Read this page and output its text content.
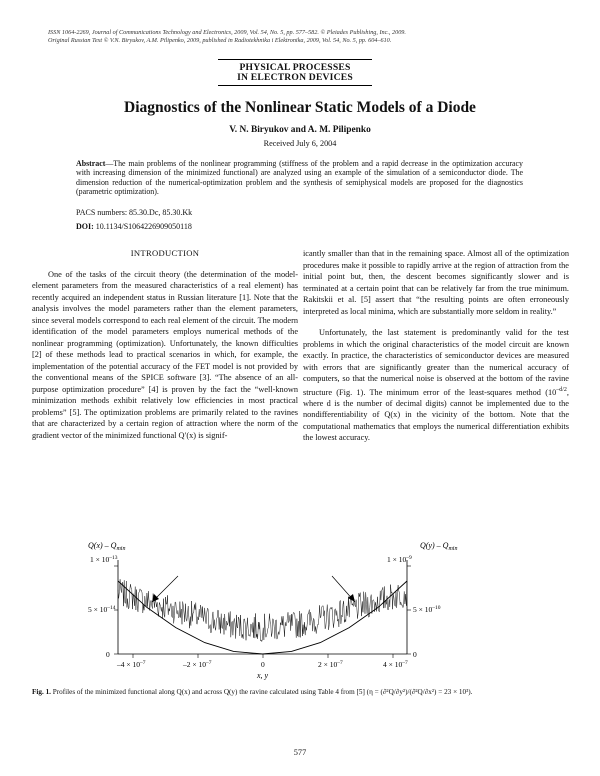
ISSN 1064-2269, Journal of Communications Technology and Electronics, 2009, Vol. 54, No. 5, pp. 577–582. © Pleiades Publishing, Inc., 2009.
Original Russian Text © V.N. Biryukov, A.M. Pilipenko, 2009, published in Radiotekhnika i Elektronika, 2009, Vol. 54, No. 5, pp. 604–610.
PHYSICAL PROCESSES
IN ELECTRON DEVICES
Diagnostics of the Nonlinear Static Models of a Diode
V. N. Biryukov and A. M. Pilipenko
Received July 6, 2004
Abstract—The main problems of the nonlinear programming (stiffness of the problem and a rapid decrease in the optimization accuracy with increasing dimension of the minimized functional) are analyzed using an example of the simulation of a semiconductor diode. The dimension reduction of the numerical-optimization problem and the synthesis of semiphysical models are proposed for the diagnostics (parametric optimization).
PACS numbers: 85.30.Dc, 85.30.Kk
DOI: 10.1134/S1064226909050118
INTRODUCTION

One of the tasks of the circuit theory (the determination of the model-element parameters from the measured characteristics of a real element) has recently acquired an independent status in Russian literature [1]. Note that the analysis involves the model parameters rather than the element parameters, since several models correspond to each real element of the circuit. The modern identification of the model parameters employs numerical methods of the nonlinear programming (optimization). Unfortunately, the known difficulties [2] of these methods lead to practical scenarios in which, for example, the implementation of the potential accuracy of the FET model is not provided by the conventional means of the SPICE software [3]. “The absence of an all-purpose optimization procedure” [4] is proven by the fact the “well-known minimization methods exhibit relatively low efficiencies in most practical problems” [5]. The optimization problems are primarily related to the ravines that are characterized by a certain region of attraction where the norm of the gradient vector of the minimized functional Q′(x) is signif-

icantly smaller than that in the remaining space. Almost all of the optimization procedures make it possible to rapidly arrive at the region of attraction from the initial point but, then, the descent becomes significantly slower and is terminated at a certain point that can be relatively far from the true minimum. Rakitskii et al. [5] assert that “the resulting points are often erroneously interpreted as local minima, which are substantially more seldom in reality.”

Unfortunately, the last statement is predominantly valid for the test problems in which the original characteristics of the model circuit are known exactly. In practice, the characteristics of semiconductor devices are measured with errors that are significantly greater than the numerical accuracy of computers, so that the numerical noise is observed at the bottom of the ravine structure (Fig. 1). The minimum error of the least-squares method ($10^{-d/2}$, where d is the number of decimal digits) cannot be implemented due to the nondifferentiability of Q(x) in the vicinity of the bottom. Note that the computational mathematics that employs the numerical differentiation exhibits the lowest accuracy.

$Q(x) - Q_{min}$	$Q(y) - Q_{min}$
$1 \times 10^{-13}$
$5 \times 10^{-14}$
0
$1 \times 10^{-9}$
$5 \times 10^{-10}$
0
$-4 \times 10^{-7}$	$-2 \times 10^{-7}$	0	$2 \times 10^{-7}$	$4 \times 10^{-7}$
x, y
Fig. 1. Profiles of the minimized functional along Q(x) and across Q(y) the ravine calculated using Table 4 from [5] (η = (∂²Q/∂y²)/(∂²Q/∂x²) = 23 × 10³).
577
